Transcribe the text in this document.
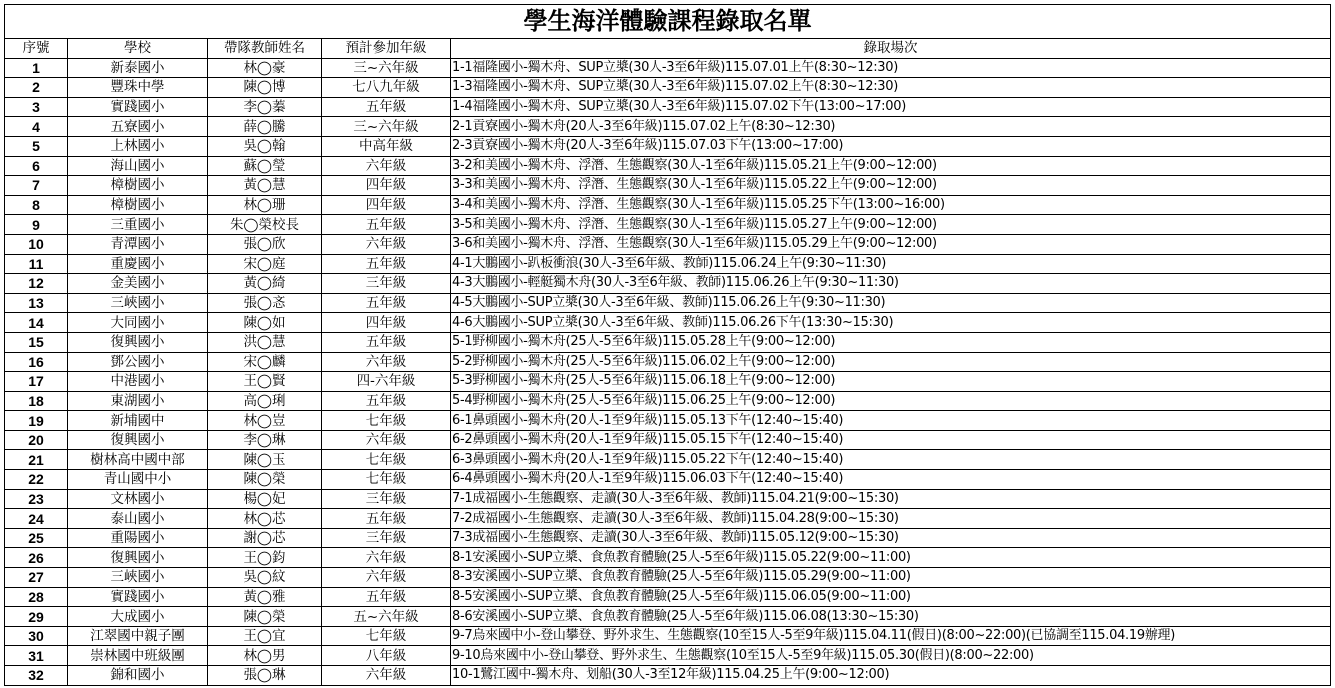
學生海洋體驗課程錄取名單				
序號	學校	帶隊教師姓名	預計參加年級	錄取場次
1	新泰國小	林◯豪	三~六年級	1-1福隆國小-獨木舟、SUP立槳(30人-3至6年級)115.07.01上午(8:30~12:30)
2	豐珠中學	陳◯博	七八九年級	1-3福隆國小-獨木舟、SUP立槳(30人-3至6年級)115.07.02上午(8:30~12:30)
3	實踐國小	李◯蓁	五年級	1-4福隆國小-獨木舟、SUP立槳(30人-3至6年級)115.07.02下午(13:00~17:00)
4	五寮國小	薛◯騰	三~六年級	2-1貢寮國小-獨木舟(20人-3至6年級)115.07.02上午(8:30~12:30)
5	上林國小	吳◯翰	中高年級	2-3貢寮國小-獨木舟(20人-3至6年級)115.07.03下午(13:00~17:00)
6	海山國小	蘇◯瑩	六年級	3-2和美國小-獨木舟、浮潛、生態觀察(30人-1至6年級)115.05.21上午(9:00~12:00)
7	樟樹國小	黃◯慧	四年級	3-3和美國小-獨木舟、浮潛、生態觀察(30人-1至6年級)115.05.22上午(9:00~12:00)
8	樟樹國小	林◯珊	四年級	3-4和美國小-獨木舟、浮潛、生態觀察(30人-1至6年級)115.05.25下午(13:00~16:00)
9	三重國小	朱◯榮校長	五年級	3-5和美國小-獨木舟、浮潛、生態觀察(30人-1至6年級)115.05.27上午(9:00~12:00)
10	青潭國小	張◯欣	六年級	3-6和美國小-獨木舟、浮潛、生態觀察(30人-1至6年級)115.05.29上午(9:00~12:00)
11	重慶國小	宋◯庭	五年級	4-1大鵬國小-趴板衝浪(30人-3至6年級、教師)115.06.24上午(9:30~11:30)
12	金美國小	黃◯綺	三年級	4-3大鵬國小-輕艇獨木舟(30人-3至6年級、教師)115.06.26上午(9:30~11:30)
13	三峽國小	張◯忞	五年級	4-5大鵬國小-SUP立槳(30人-3至6年級、教師)115.06.26上午(9:30~11:30)
14	大同國小	陳◯如	四年級	4-6大鵬國小-SUP立槳(30人-3至6年級、教師)115.06.26下午(13:30~15:30)
15	復興國小	洪◯慧	五年級	5-1野柳國小-獨木舟(25人-5至6年級)115.05.28上午(9:00~12:00)
16	鄧公國小	宋◯麟	六年級	5-2野柳國小-獨木舟(25人-5至6年級)115.06.02上午(9:00~12:00)
17	中港國小	王◯賢	四-六年級	5-3野柳國小-獨木舟(25人-5至6年級)115.06.18上午(9:00~12:00)
18	東湖國小	高◯琍	五年級	5-4野柳國小-獨木舟(25人-5至6年級)115.06.25上午(9:00~12:00)
19	新埔國中	林◯豈	七年級	6-1鼻頭國小-獨木舟(20人-1至9年級)115.05.13下午(12:40~15:40)
20	復興國小	李◯琳	六年級	6-2鼻頭國小-獨木舟(20人-1至9年級)115.05.15下午(12:40~15:40)
21	樹林高中國中部	陳◯玉	七年級	6-3鼻頭國小-獨木舟(20人-1至9年級)115.05.22下午(12:40~15:40)
22	青山國中小	陳◯榮	七年級	6-4鼻頭國小-獨木舟(20人-1至9年級)115.06.03下午(12:40~15:40)
23	文林國小	楊◯妃	三年級	7-1成福國小-生態觀察、走讀(30人-3至6年級、教師)115.04.21(9:00~15:30)
24	泰山國小	林◯芯	五年級	7-2成福國小-生態觀察、走讀(30人-3至6年級、教師)115.04.28(9:00~15:30)
25	重陽國小	謝◯芯	三年級	7-3成福國小-生態觀察、走讀(30人-3至6年級、教師)115.05.12(9:00~15:30)
26	復興國小	王◯鈞	六年級	8-1安溪國小-SUP立槳、食魚教育體驗(25人-5至6年級)115.05.22(9:00~11:00)
27	三峽國小	吳◯紋	六年級	8-3安溪國小-SUP立槳、食魚教育體驗(25人-5至6年級)115.05.29(9:00~11:00)
28	實踐國小	黃◯雅	五年級	8-5安溪國小-SUP立槳、食魚教育體驗(25人-5至6年級)115.06.05(9:00~11:00)
29	大成國小	陳◯榮	五~六年級	8-6安溪國小-SUP立槳、食魚教育體驗(25人-5至6年級)115.06.08(13:30~15:30)
30	江翠國中親子團	王◯宜	七年級	9-7烏來國中小-登山攀登、野外求生、生態觀察(10至15人-5至9年級)115.04.11(假日)(8:00~22:00)(已協調至115.04.19辦理)
31	崇林國中班級團	林◯男	八年級	9-10烏來國中小-登山攀登、野外求生、生態觀察(10至15人-5至9年級)115.05.30(假日)(8:00~22:00)
32	錦和國小	張◯琳	六年級	10-1鷺江國中-獨木舟、划船(30人-3至12年級)115.04.25上午(9:00~12:00)
